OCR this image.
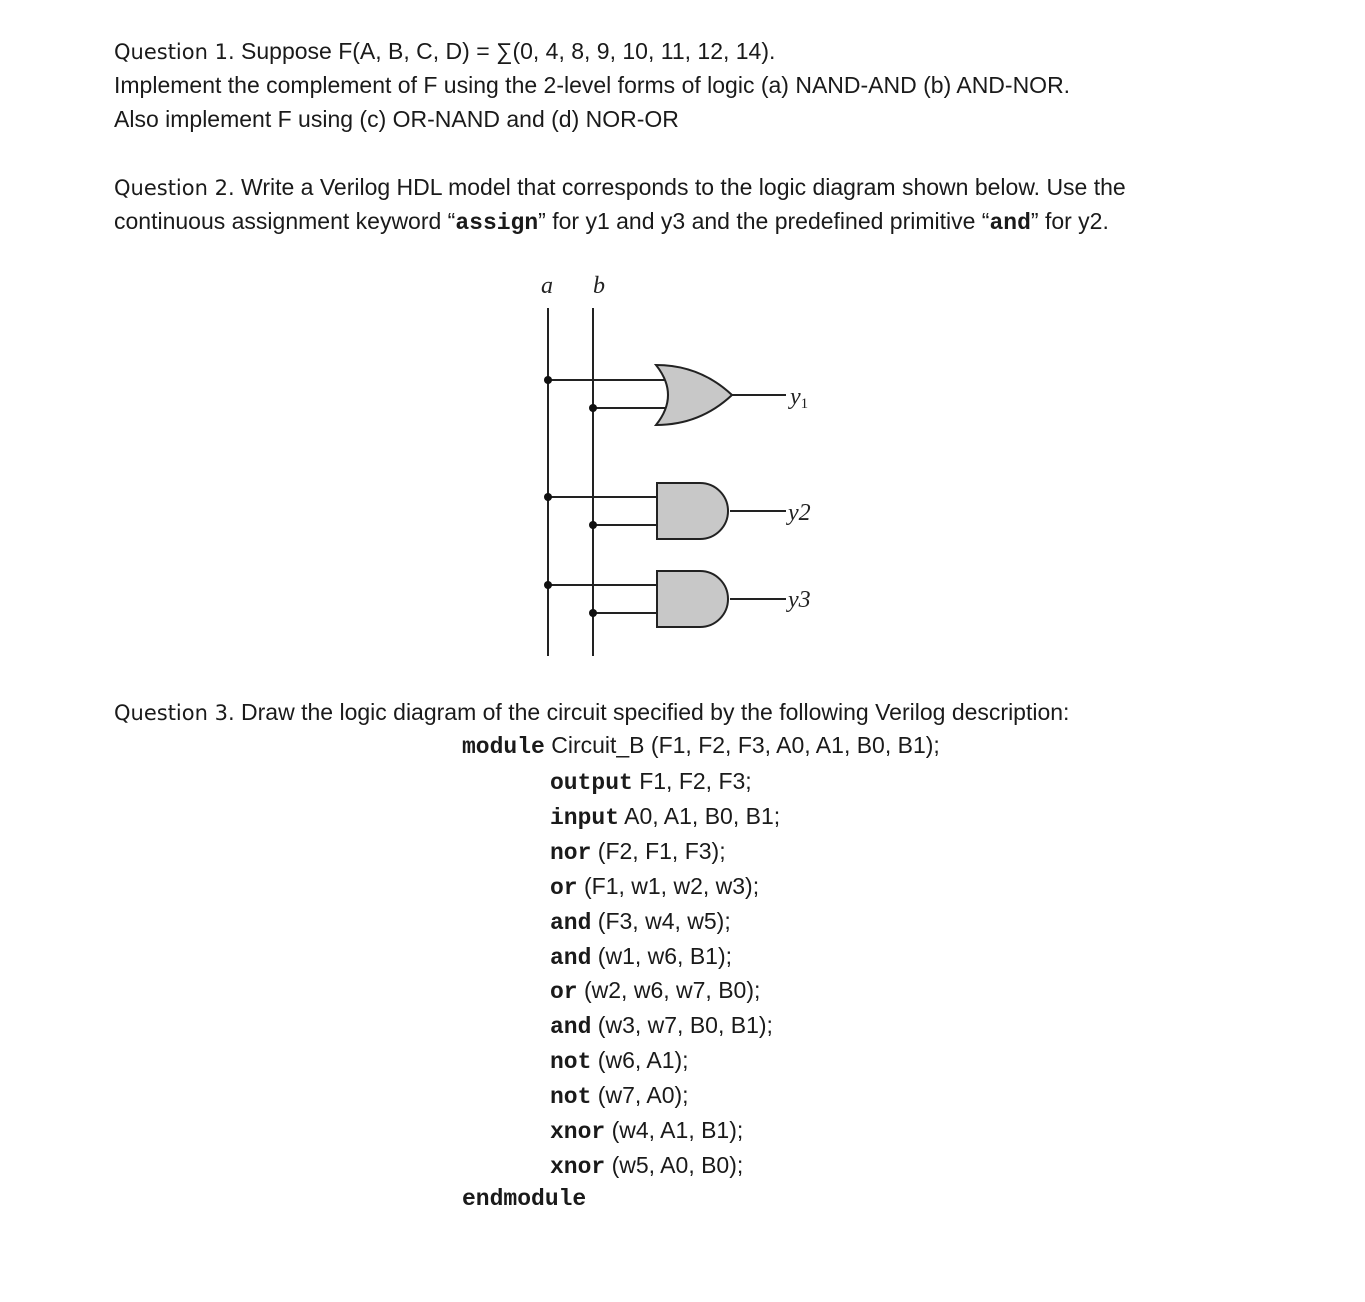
Question 1. Suppose F(A, B, C, D) = ∑(0, 4, 8, 9, 10, 11, 12, 14).
Implement the complement of F using the 2-level forms of logic (a) NAND-AND (b) AND-NOR.
Also implement F using (c) OR-NAND and (d) NOR-OR
Question 2. Write a Verilog HDL model that corresponds to the logic diagram shown below. Use the
continuous assignment keyword “assign” for y1 and y3 and the predefined primitive “and” for y2.
a b
y1
y2
y3
Question 3. Draw the logic diagram of the circuit specified by the following Verilog description:
module Circuit_B (F1, F2, F3, A0, A1, B0, B1);
output F1, F2, F3;
input A0, A1, B0, B1;
nor (F2, F1, F3);
or (F1, w1, w2, w3);
and (F3, w4, w5);
and (w1, w6, B1);
or (w2, w6, w7, B0);
and (w3, w7, B0, B1);
not (w6, A1);
not (w7, A0);
xnor (w4, A1, B1);
xnor (w5, A0, B0);
endmodule
